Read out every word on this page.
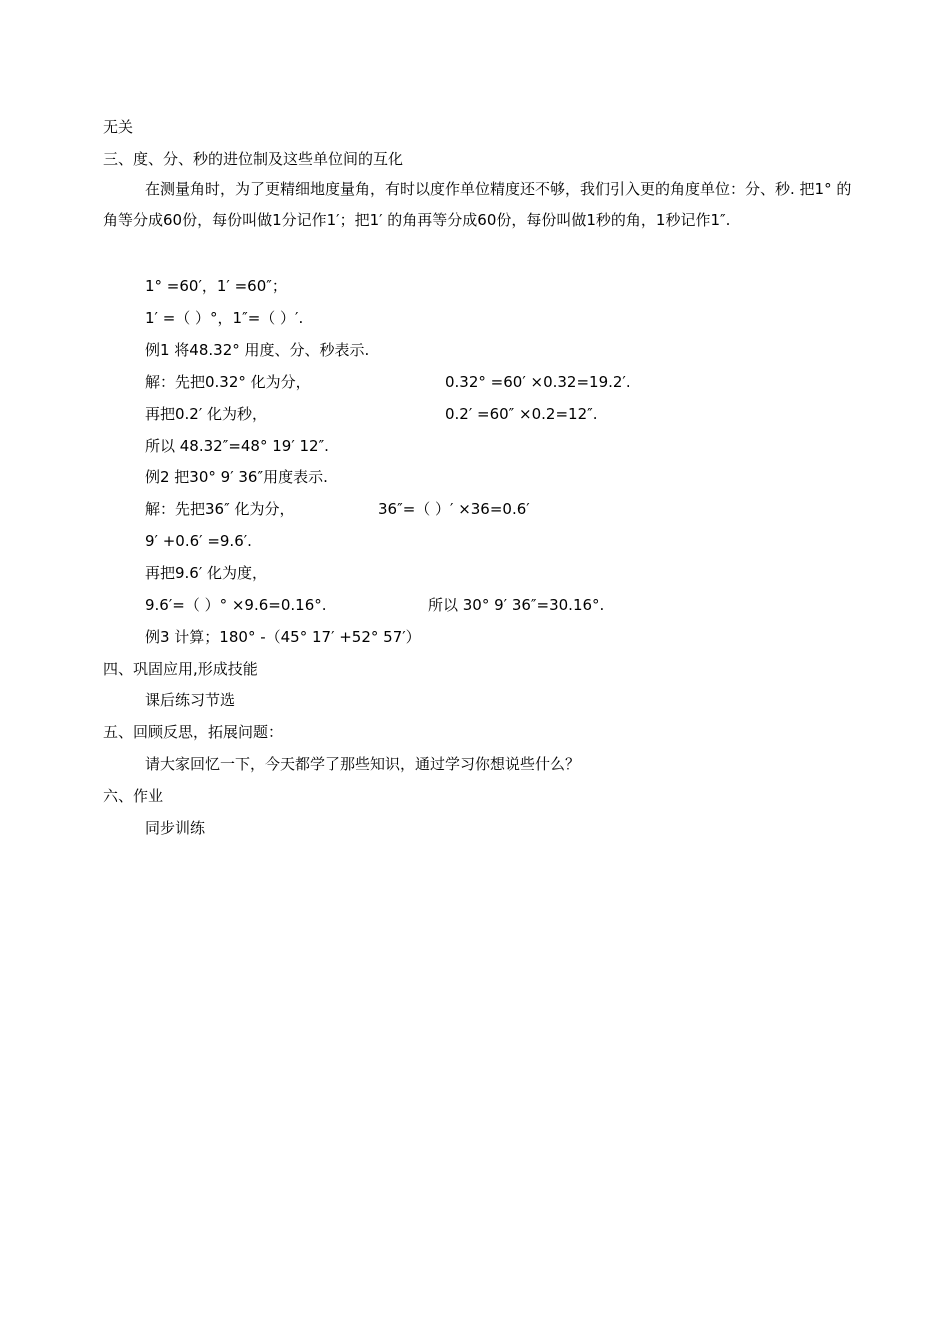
无关
三、度、分、秒的进位制及这些单位间的互化
在测量角时，为了更精细地度量角，有时以度作单位精度还不够，我们引入更的角度单位：分、秒. 把1° 的角等分成60份，每份叫做1分记作1′；把1′ 的角再等分成60份，每份叫做1秒的角，1秒记作1″.
1° =60′，1′ =60″；
1′ =（ ）°，1″=（ ）′.
例1 将48.32° 用度、分、秒表示.
解：先把0.32° 化为分，	0.32° =60′ ×0.32=19.2′.
再把0.2′ 化为秒，	0.2′ =60″ ×0.2=12″.
所以 48.32″=48° 19′ 12″.
例2 把30° 9′ 36″用度表示.
解：先把36″ 化为分，	36″=（ ）′ ×36=0.6′
9′ +0.6′ =9.6′.
再把9.6′ 化为度，
9.6′=（ ）° ×9.6=0.16°.	所以 30° 9′ 36″=30.16°.
例3 计算；180° -（45° 17′ +52° 57′）
四、巩固应用,形成技能
课后练习节选
五、回顾反思，拓展问题：
请大家回忆一下，今天都学了那些知识，通过学习你想说些什么？
六、作业
同步训练
